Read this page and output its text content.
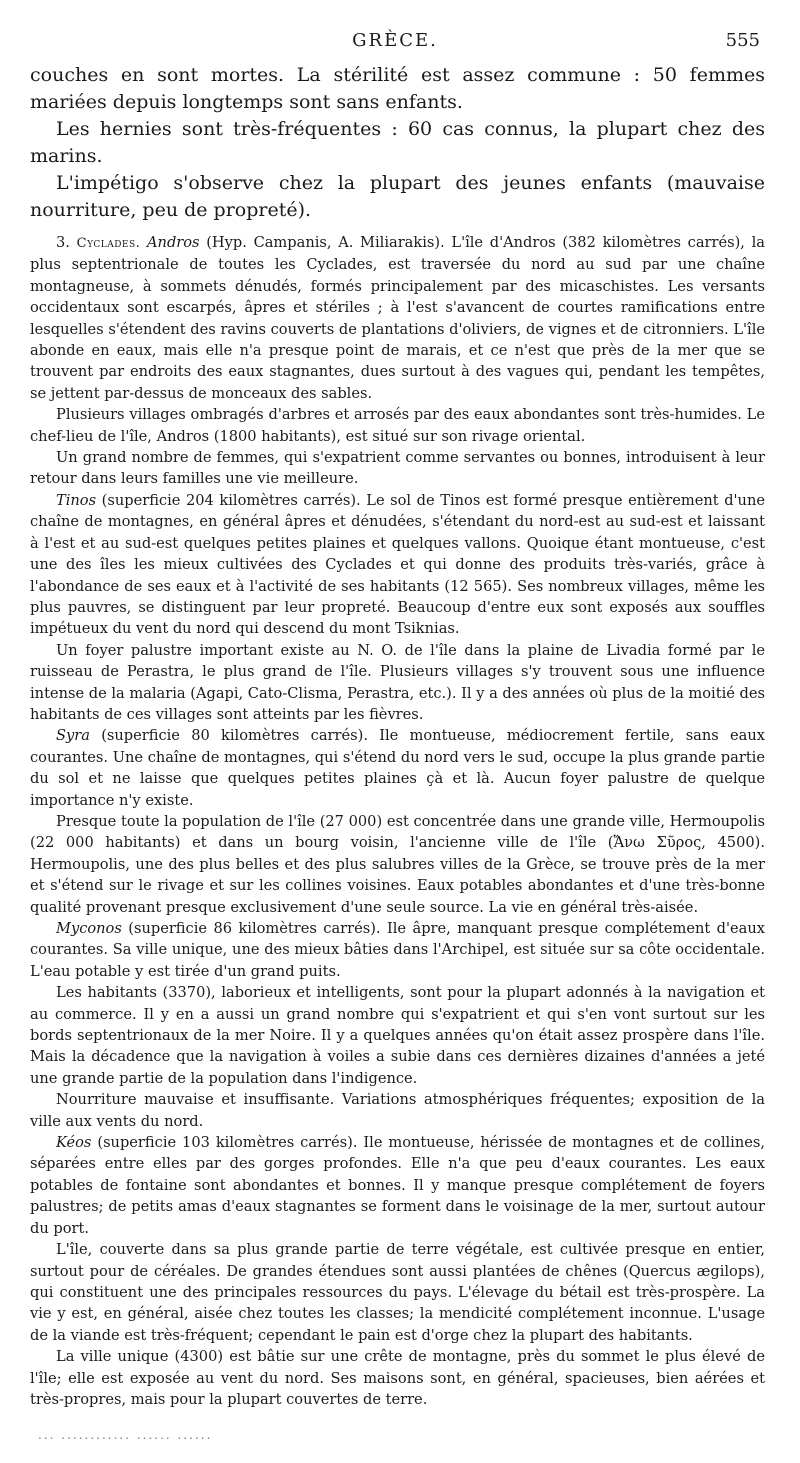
GRÈCE.	555

couches en sont mortes. La stérilité est assez commune : 50 femmes mariées depuis longtemps sont sans enfants.

Les hernies sont très-fréquentes : 60 cas connus, la plupart chez des marins.

L'impétigo s'observe chez la plupart des jeunes enfants (mauvaise nourriture, peu de propreté).

3. Cyclades. Andros (Hyp. Campanis, A. Miliarakis). L'île d'Andros (382 kilomètres carrés), la plus septentrionale de toutes les Cyclades, est traversée du nord au sud par une chaîne montagneuse, à sommets dénudés, formés principalement par des micaschistes. Les versants occidentaux sont escarpés, âpres et stériles ; à l'est s'avancent de courtes ramifications entre lesquelles s'étendent des ravins couverts de plantations d'oliviers, de vignes et de citronniers. L'île abonde en eaux, mais elle n'a presque point de marais, et ce n'est que près de la mer que se trouvent par endroits des eaux stagnantes, dues surtout à des vagues qui, pendant les tempêtes, se jettent par-dessus de monceaux des sables.

Plusieurs villages ombragés d'arbres et arrosés par des eaux abondantes sont très-humides. Le chef-lieu de l'île, Andros (1800 habitants), est situé sur son rivage oriental.

Un grand nombre de femmes, qui s'expatrient comme servantes ou bonnes, introduisent à leur retour dans leurs familles une vie meilleure.

Tinos (superficie 204 kilomètres carrés). Le sol de Tinos est formé presque entièrement d'une chaîne de montagnes, en général âpres et dénudées, s'étendant du nord-est au sud-est et laissant à l'est et au sud-est quelques petites plaines et quelques vallons. Quoique étant montueuse, c'est une des îles les mieux cultivées des Cyclades et qui donne des produits très-variés, grâce à l'abondance de ses eaux et à l'activité de ses habitants (12 565). Ses nombreux villages, même les plus pauvres, se distinguent par leur propreté. Beaucoup d'entre eux sont exposés aux souffles impétueux du vent du nord qui descend du mont Tsiknias.

Un foyer palustre important existe au N. O. de l'île dans la plaine de Livadia formé par le ruisseau de Perastra, le plus grand de l'île. Plusieurs villages s'y trouvent sous une influence intense de la malaria (Agapi, Cato-Clisma, Perastra, etc.). Il y a des années où plus de la moitié des habitants de ces villages sont atteints par les fièvres.

Syra (superficie 80 kilomètres carrés). Ile montueuse, médiocrement fertile, sans eaux courantes. Une chaîne de montagnes, qui s'étend du nord vers le sud, occupe la plus grande partie du sol et ne laisse que quelques petites plaines çà et là. Aucun foyer palustre de quelque importance n'y existe.

Presque toute la population de l'île (27 000) est concentrée dans une grande ville, Hermoupolis (22 000 habitants) et dans un bourg voisin, l'ancienne ville de l'île (Ἄνω Σῦρος, 4500). Hermoupolis, une des plus belles et des plus salubres villes de la Grèce, se trouve près de la mer et s'étend sur le rivage et sur les collines voisines. Eaux potables abondantes et d'une très-bonne qualité provenant presque exclusivement d'une seule source. La vie en général très-aisée.

Myconos (superficie 86 kilomètres carrés). Ile âpre, manquant presque complétement d'eaux courantes. Sa ville unique, une des mieux bâties dans l'Archipel, est située sur sa côte occidentale. L'eau potable y est tirée d'un grand puits.

Les habitants (3370), laborieux et intelligents, sont pour la plupart adonnés à la navigation et au commerce. Il y en a aussi un grand nombre qui s'expatrient et qui s'en vont surtout sur les bords septentrionaux de la mer Noire. Il y a quelques années qu'on était assez prospère dans l'île. Mais la décadence que la navigation à voiles a subie dans ces dernières dizaines d'années a jeté une grande partie de la population dans l'indigence.

Nourriture mauvaise et insuffisante. Variations atmosphériques fréquentes; exposition de la ville aux vents du nord.

Kéos (superficie 103 kilomètres carrés). Ile montueuse, hérissée de montagnes et de collines, séparées entre elles par des gorges profondes. Elle n'a que peu d'eaux courantes. Les eaux potables de fontaine sont abondantes et bonnes. Il y manque presque complétement de foyers palustres; de petits amas d'eaux stagnantes se forment dans le voisinage de la mer, surtout autour du port.

L'île, couverte dans sa plus grande partie de terre végétale, est cultivée presque en entier, surtout pour de céréales. De grandes étendues sont aussi plantées de chênes (Quercus ægilops), qui constituent une des principales ressources du pays. L'élevage du bétail est très-prospère. La vie y est, en général, aisée chez toutes les classes; la mendicité complétement inconnue. L'usage de la viande est très-fréquent; cependant le pain est d'orge chez la plupart des habitants.

La ville unique (4300) est bâtie sur une crête de montagne, près du sommet le plus élevé de l'île; elle est exposée au vent du nord. Ses maisons sont, en général, spacieuses, bien aérées et très-propres, mais pour la plupart couvertes de terre.

... ............ ...... ......
